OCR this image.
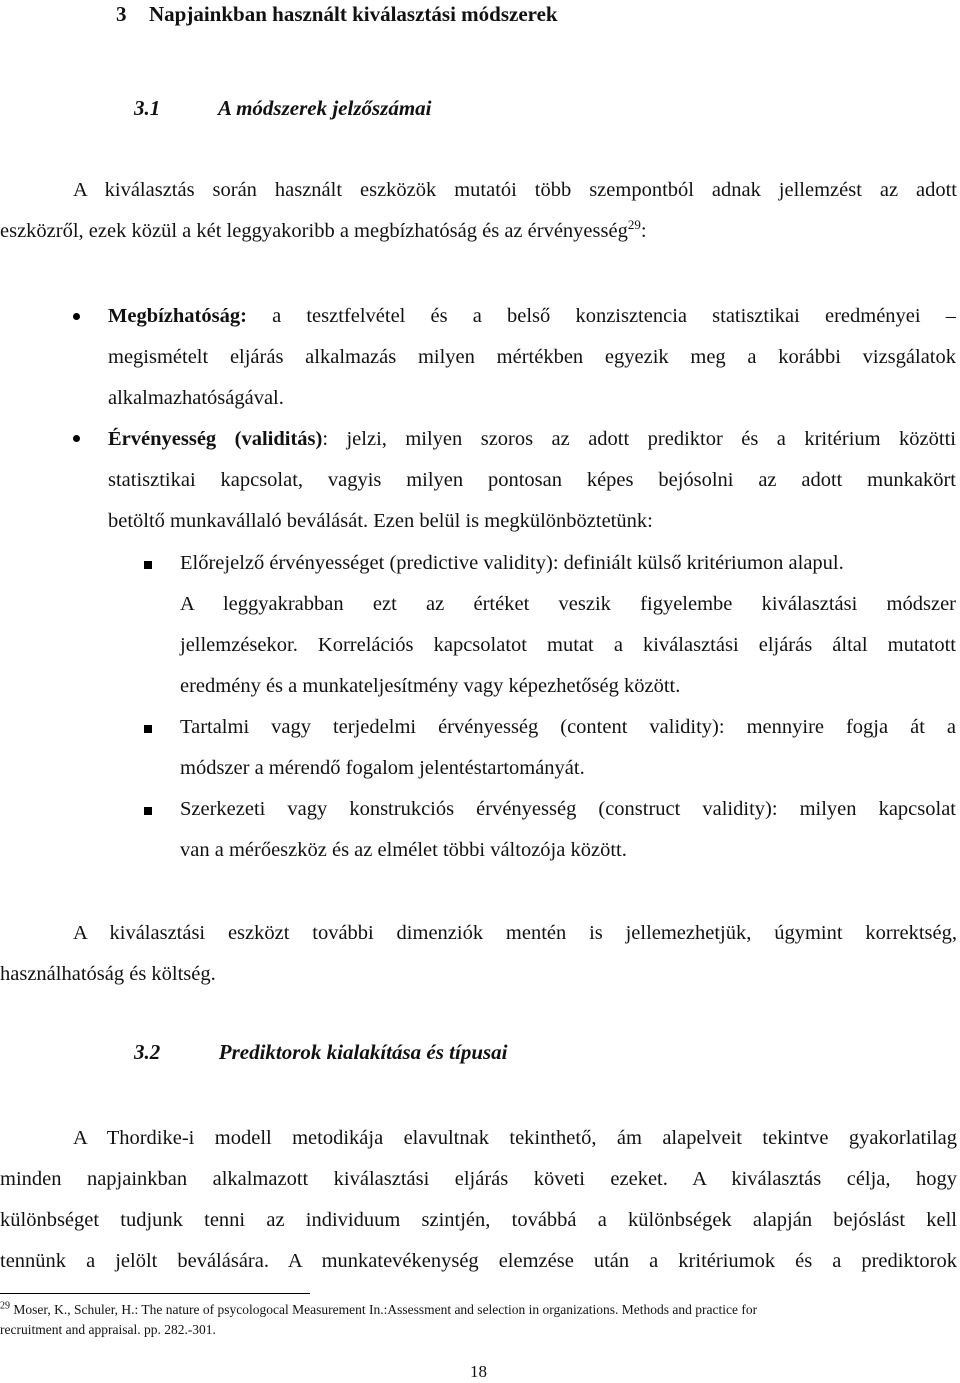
3 Napjainkban használt kiválasztási módszerek
3.1	A módszerek jelzőszámai
A kiválasztás során használt eszközök mutatói több szempontból adnak jellemzést az adott
eszközről, ezek közül a két leggyakoribb a megbízhatóság és az érvényesség$^{29}$:
Megbízhatóság: a tesztfelvétel és a belső konzisztencia statisztikai eredményei –
megismételt eljárás alkalmazás milyen mértékben egyezik meg a korábbi vizsgálatok
alkalmazhatóságával.
Érvényesség (validitás): jelzi, milyen szoros az adott prediktor és a kritérium közötti
statisztikai kapcsolat, vagyis milyen pontosan képes bejósolni az adott munkakört
betöltő munkavállaló beválását. Ezen belül is megkülönböztetünk:
Előrejelző érvényességet (predictive validity): definiált külső kritériumon alapul.
A leggyakrabban ezt az értéket veszik figyelembe kiválasztási módszer
jellemzésekor. Korrelációs kapcsolatot mutat a kiválasztási eljárás által mutatott
eredmény és a munkateljesítmény vagy képezhetőség között.
Tartalmi vagy terjedelmi érvényesség (content validity): mennyire fogja át a
módszer a mérendő fogalom jelentéstartományát.
Szerkezeti vagy konstrukciós érvényesség (construct validity): milyen kapcsolat
van a mérőeszköz és az elmélet többi változója között.
A kiválasztási eszközt további dimenziók mentén is jellemezhetjük, úgymint korrektség,
használhatóság és költség.
3.2	Prediktorok kialakítása és típusai
A Thordike-i modell metodikája elavultnak tekinthető, ám alapelveit tekintve gyakorlatilag
minden napjainkban alkalmazott kiválasztási eljárás követi ezeket. A kiválasztás célja, hogy
különbséget tudjunk tenni az individuum szintjén, továbbá a különbségek alapján bejóslást kell
tennünk a jelölt beválására. A munkatevékenység elemzése után a kritériumok és a prediktorok
$^{29}$ Moser, K., Schuler, H.: The nature of psycologocal Measurement In.:Assessment and selection in organizations. Methods and practice for
recruitment and appraisal. pp. 282.-301.
18
